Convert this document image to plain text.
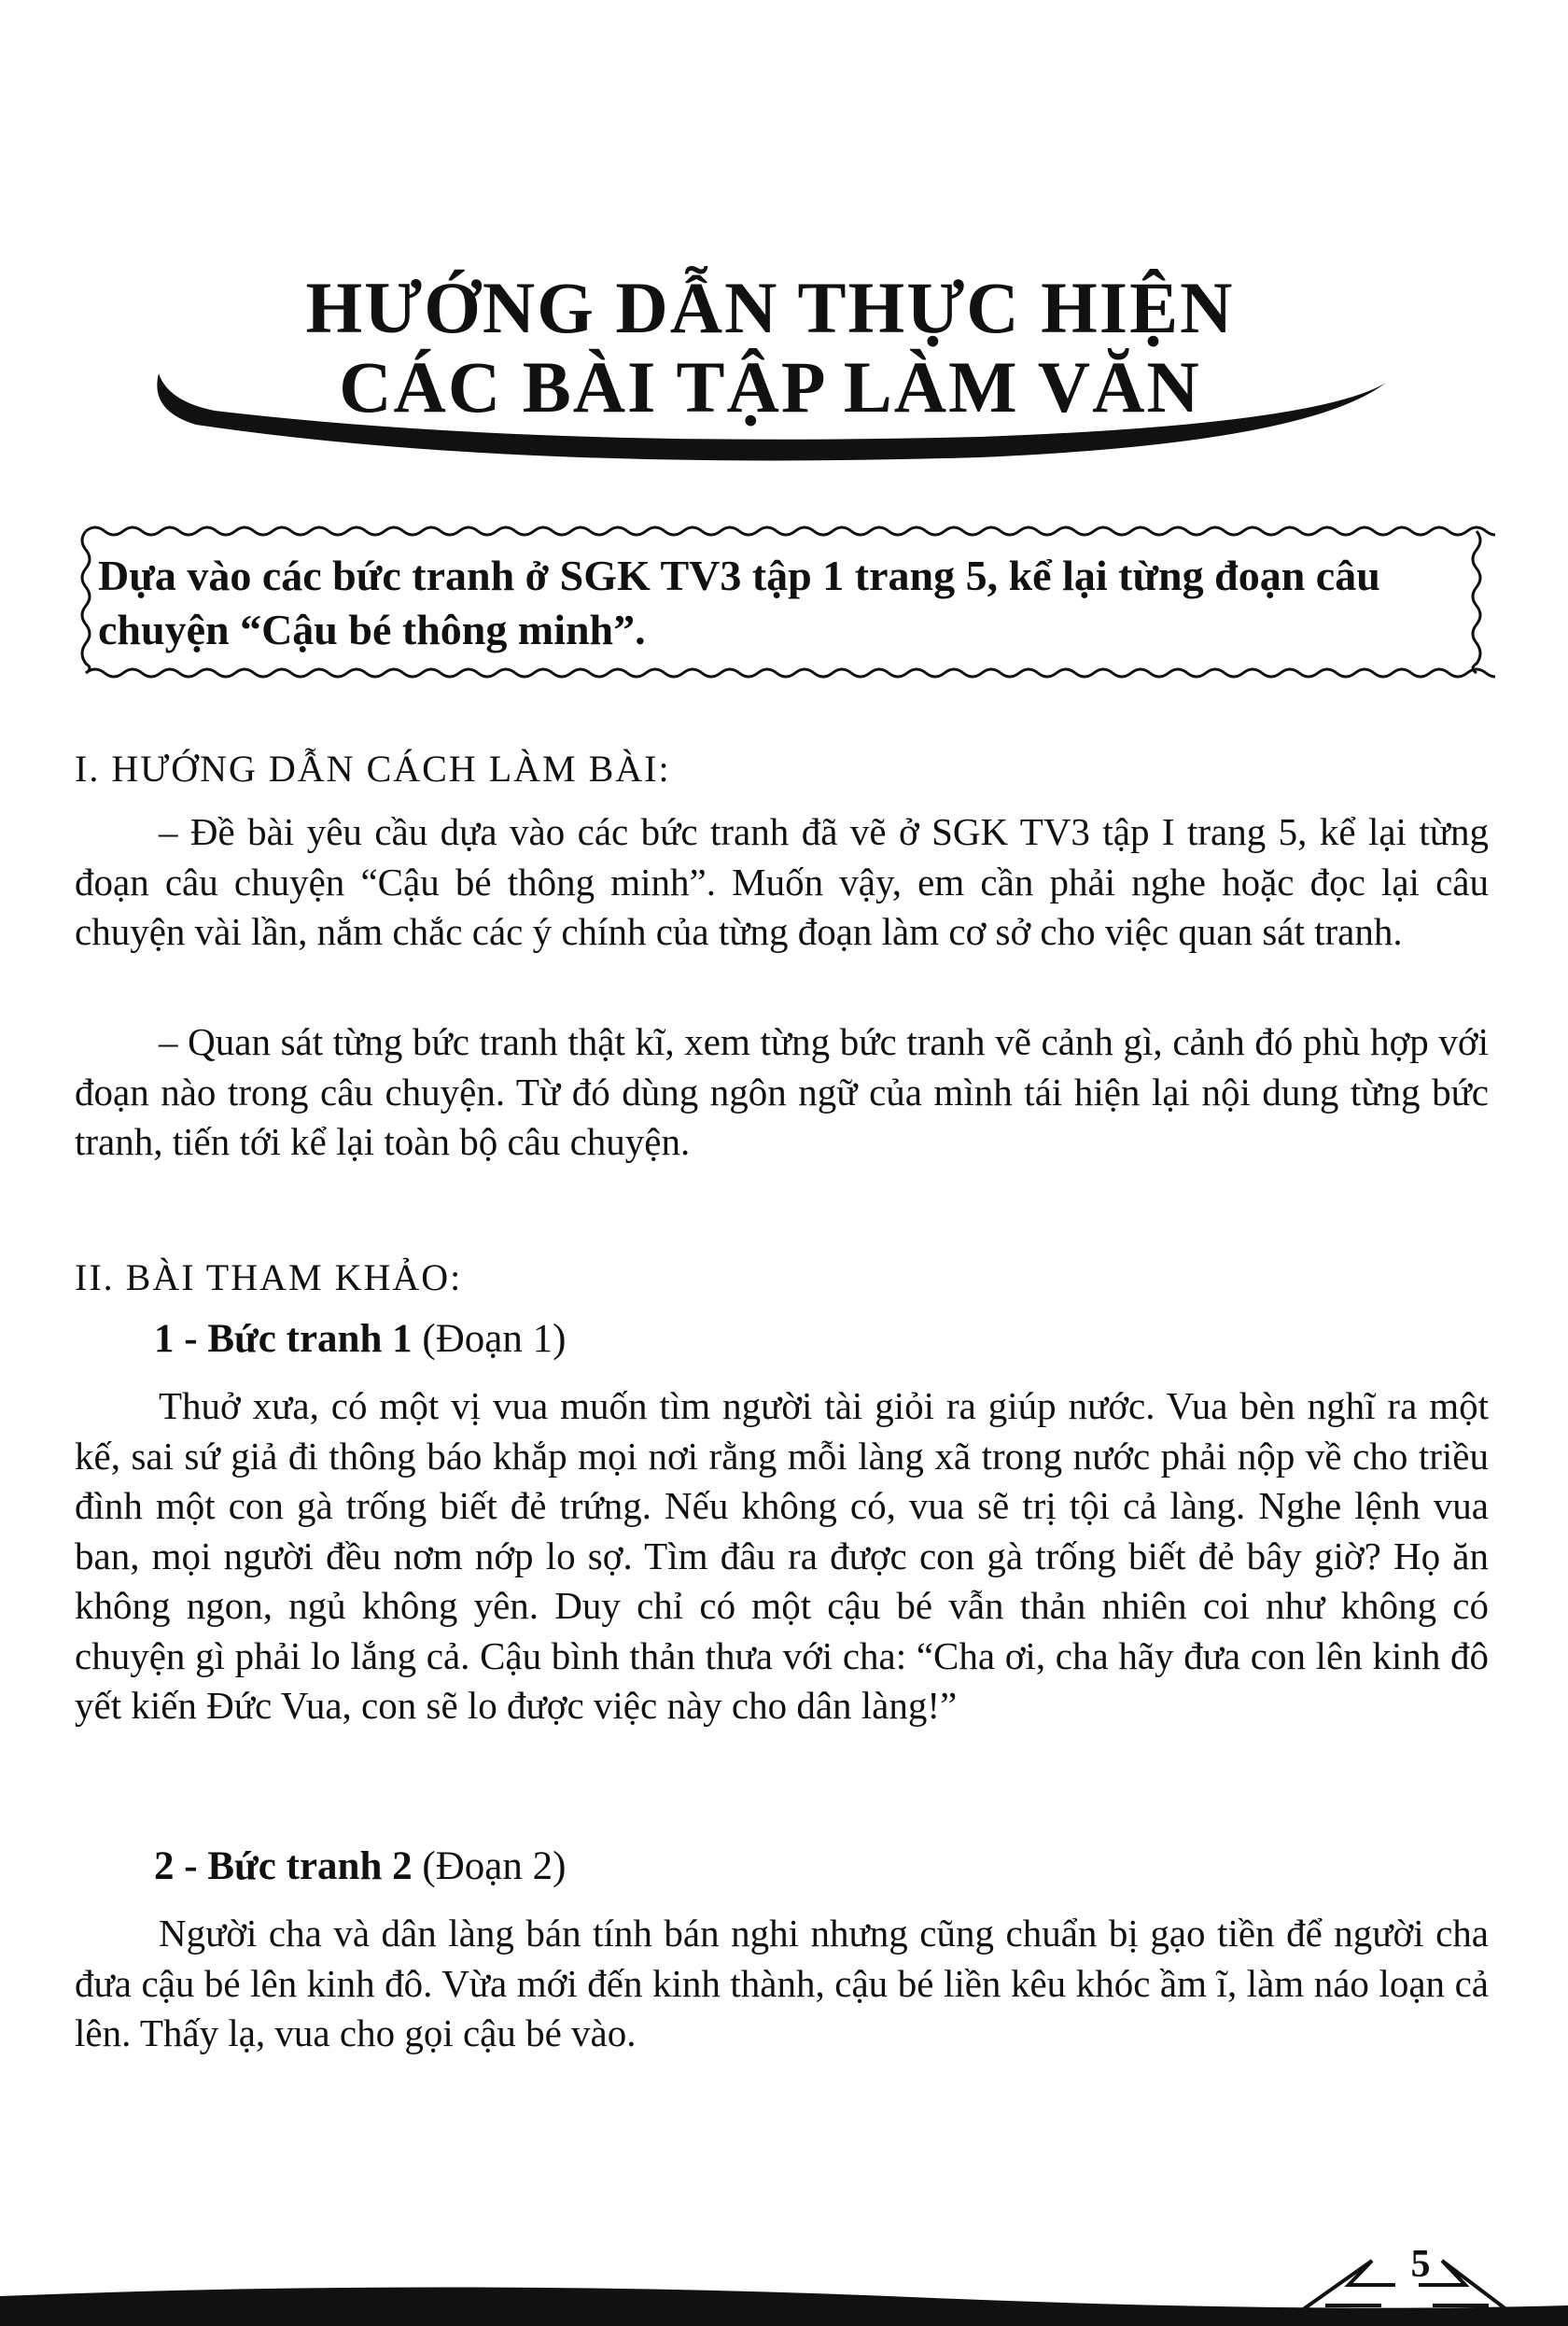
HƯỚNG DẪN THỰC HIỆN
CÁC BÀI TẬP LÀM VĂN
Dựa vào các bức tranh ở SGK TV3 tập 1 trang 5, kể lại từng đoạn câu chuyện “Cậu bé thông minh”.
I. HƯỚNG DẪN CÁCH LÀM BÀI:
– Đề bài yêu cầu dựa vào các bức tranh đã vẽ ở SGK TV3 tập I trang 5, kể lại từng đoạn câu chuyện “Cậu bé thông minh”. Muốn vậy, em cần phải nghe hoặc đọc lại câu chuyện vài lần, nắm chắc các ý chính của từng đoạn làm cơ sở cho việc quan sát tranh.
– Quan sát từng bức tranh thật kĩ, xem từng bức tranh vẽ cảnh gì, cảnh đó phù hợp với đoạn nào trong câu chuyện. Từ đó dùng ngôn ngữ của mình tái hiện lại nội dung từng bức tranh, tiến tới kể lại toàn bộ câu chuyện.
II. BÀI THAM KHẢO:
1 - Bức tranh 1 (Đoạn 1)
Thuở xưa, có một vị vua muốn tìm người tài giỏi ra giúp nước. Vua bèn nghĩ ra một kế, sai sứ giả đi thông báo khắp mọi nơi rằng mỗi làng xã trong nước phải nộp về cho triều đình một con gà trống biết đẻ trứng. Nếu không có, vua sẽ trị tội cả làng. Nghe lệnh vua ban, mọi người đều nơm nớp lo sợ. Tìm đâu ra được con gà trống biết đẻ bây giờ? Họ ăn không ngon, ngủ không yên. Duy chỉ có một cậu bé vẫn thản nhiên coi như không có chuyện gì phải lo lắng cả. Cậu bình thản thưa với cha: “Cha ơi, cha hãy đưa con lên kinh đô yết kiến Đức Vua, con sẽ lo được việc này cho dân làng!”
2 - Bức tranh 2 (Đoạn 2)
Người cha và dân làng bán tính bán nghi nhưng cũng chuẩn bị gạo tiền để người cha đưa cậu bé lên kinh đô. Vừa mới đến kinh thành, cậu bé liền kêu khóc ầm ĩ, làm náo loạn cả lên. Thấy lạ, vua cho gọi cậu bé vào.
5
